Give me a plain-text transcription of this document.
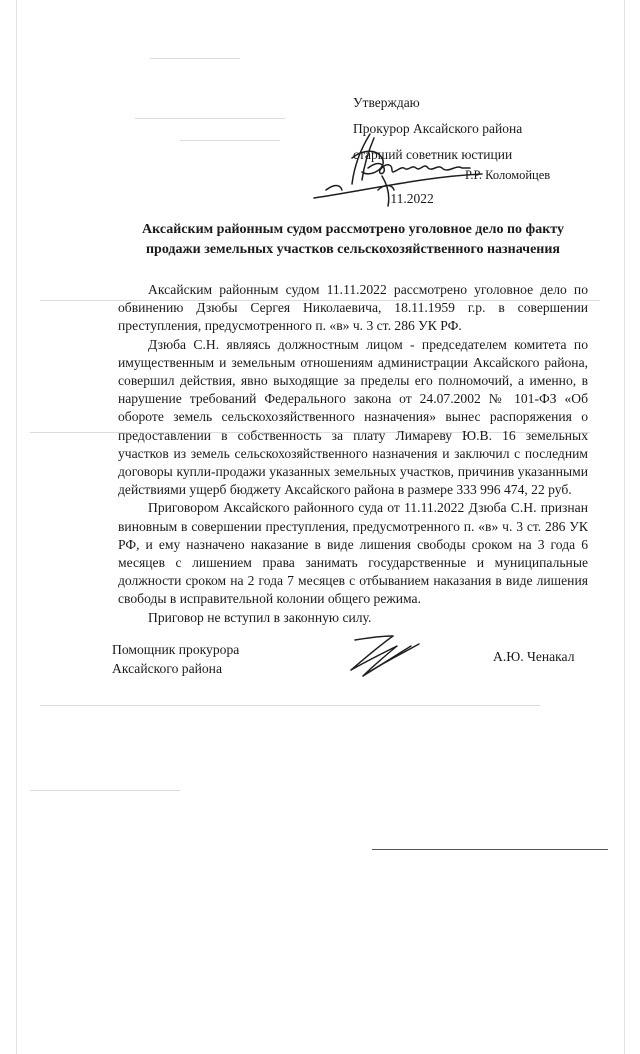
Утверждаю
Прокурор Аксайского района
старший советник юстиции
Р.Р. Коломойцев
.11.2022
Аксайским районным судом рассмотрено уголовное дело по факту продажи земельных участков сельскохозяйственного назначения

Аксайским районным судом 11.11.2022 рассмотрено уголовное дело по обвинению Дзюбы Сергея Николаевича, 18.11.1959 г.р. в совершении преступления, предусмотренного п. «в» ч. 3 ст. 286 УК РФ.

Дзюба С.Н. являясь должностным лицом - председателем комитета по имущественным и земельным отношениям администрации Аксайского района, совершил действия, явно выходящие за пределы его полномочий, а именно, в нарушение требований Федерального закона от 24.07.2002 № 101-ФЗ «Об обороте земель сельскохозяйственного назначения» вынес распоряжения о предоставлении в собственность за плату Лимареву Ю.В. 16 земельных участков из земель сельскохозяйственного назначения и заключил с последним договоры купли-продажи указанных земельных участков, причинив указанными действиями ущерб бюджету Аксайского района в размере 333 996 474, 22 руб.

Приговором Аксайского районного суда от 11.11.2022 Дзюба С.Н. признан виновным в совершении преступления, предусмотренного п. «в» ч. 3 ст. 286 УК РФ, и ему назначено наказание в виде лишения свободы сроком на 3 года 6 месяцев с лишением права занимать государственные и муниципальные должности сроком на 2 года 7 месяцев с отбыванием наказания в виде лишения свободы в исправительной колонии общего режима.

Приговор не вступил в законную силу.

Помощник прокурора
Аксайского района
А.Ю. Ченакал
